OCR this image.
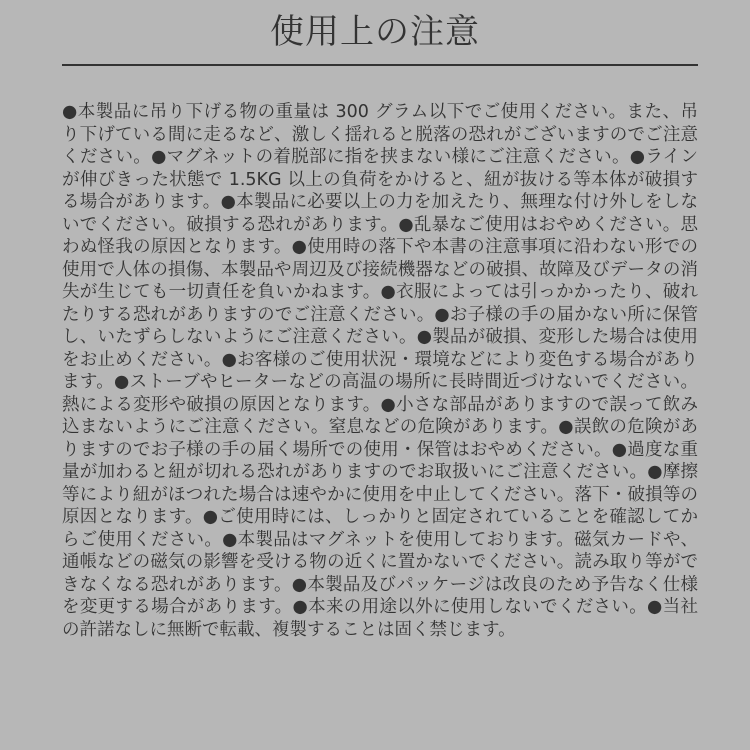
使用上の注意

●本製品に吊り下げる物の重量は 300 グラム以下でご使用ください。また、吊り下げている間に走るなど、激しく揺れると脱落の恐れがございますのでご注意ください。●マグネットの着脱部に指を挟まない様にご注意ください。●ラインが伸びきった状態で 1.5KG 以上の負荷をかけると、紐が抜ける等本体が破損する場合があります。●本製品に必要以上の力を加えたり、無理な付け外しをしないでください。破損する恐れがあります。●乱暴なご使用はおやめください。思わぬ怪我の原因となります。●使用時の落下や本書の注意事項に沿わない形での使用で人体の損傷、本製品や周辺及び接続機器などの破損、故障及びデータの消失が生じても一切責任を負いかねます。●衣服によっては引っかかったり、破れたりする恐れがありますのでご注意ください。●お子様の手の届かない所に保管し、いたずらしないようにご注意ください。●製品が破損、変形した場合は使用をお止めください。●お客様のご使用状況・環境などにより変色する場合があります。●ストーブやヒーターなどの高温の場所に長時間近づけないでください。熱による変形や破損の原因となります。●小さな部品がありますので誤って飲み込まないようにご注意ください。窒息などの危険があります。●誤飲の危険がありますのでお子様の手の届く場所での使用・保管はおやめください。●過度な重量が加わると紐が切れる恐れがありますのでお取扱いにご注意ください。●摩擦等により紐がほつれた場合は速やかに使用を中止してください。落下・破損等の原因となります。●ご使用時には、しっかりと固定されていることを確認してからご使用ください。●本製品はマグネットを使用しております。磁気カードや、通帳などの磁気の影響を受ける物の近くに置かないでください。読み取り等ができなくなる恐れがあります。●本製品及びパッケージは改良のため予告なく仕様を変更する場合があります。●本来の用途以外に使用しないでください。●当社の許諾なしに無断で転載、複製することは固く禁じます。
